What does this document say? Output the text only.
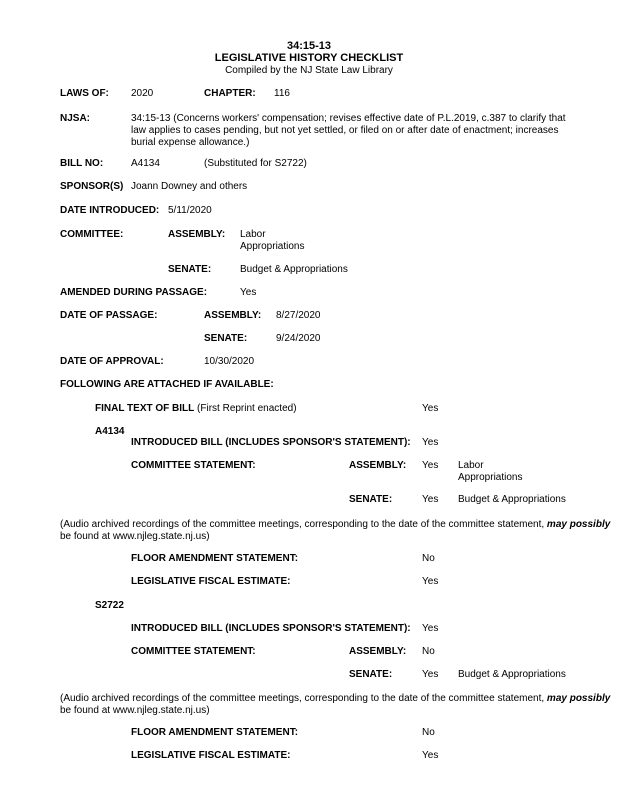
34:15-13
LEGISLATIVE HISTORY CHECKLIST
Compiled by the NJ State Law Library
LAWS OF: 2020	CHAPTER: 116
NJSA:	34:15-13 (Concerns workers' compensation; revises effective date of P.L.2019, c.387 to clarify that law applies to cases pending, but not yet settled, or filed on or after date of enactment; increases burial expense allowance.)
BILL NO:	A4134	(Substituted for S2722)
SPONSOR(S) Joann Downey and others
DATE INTRODUCED: 5/11/2020
COMMITTEE:	ASSEMBLY: Labor
Appropriations
SENATE:	Budget & Appropriations
AMENDED DURING PASSAGE:	Yes
DATE OF PASSAGE:	ASSEMBLY: 8/27/2020
SENATE:	9/24/2020
DATE OF APPROVAL:	10/30/2020
FOLLOWING ARE ATTACHED IF AVAILABLE:
FINAL TEXT OF BILL (First Reprint enacted)	Yes
A4134
INTRODUCED BILL (INCLUDES SPONSOR'S STATEMENT): Yes
COMMITTEE STATEMENT:	ASSEMBLY: Yes Labor
Appropriations
SENATE:	Yes Budget & Appropriations
(Audio archived recordings of the committee meetings, corresponding to the date of the committee statement, may possibly
be found at www.njleg.state.nj.us)
FLOOR AMENDMENT STATEMENT:	No
LEGISLATIVE FISCAL ESTIMATE:	Yes
S2722
INTRODUCED BILL (INCLUDES SPONSOR'S STATEMENT): Yes
COMMITTEE STATEMENT:	ASSEMBLY: No
SENATE:	Yes Budget & Appropriations
(Audio archived recordings of the committee meetings, corresponding to the date of the committee statement, may possibly
be found at www.njleg.state.nj.us)
FLOOR AMENDMENT STATEMENT:	No
LEGISLATIVE FISCAL ESTIMATE:	Yes
